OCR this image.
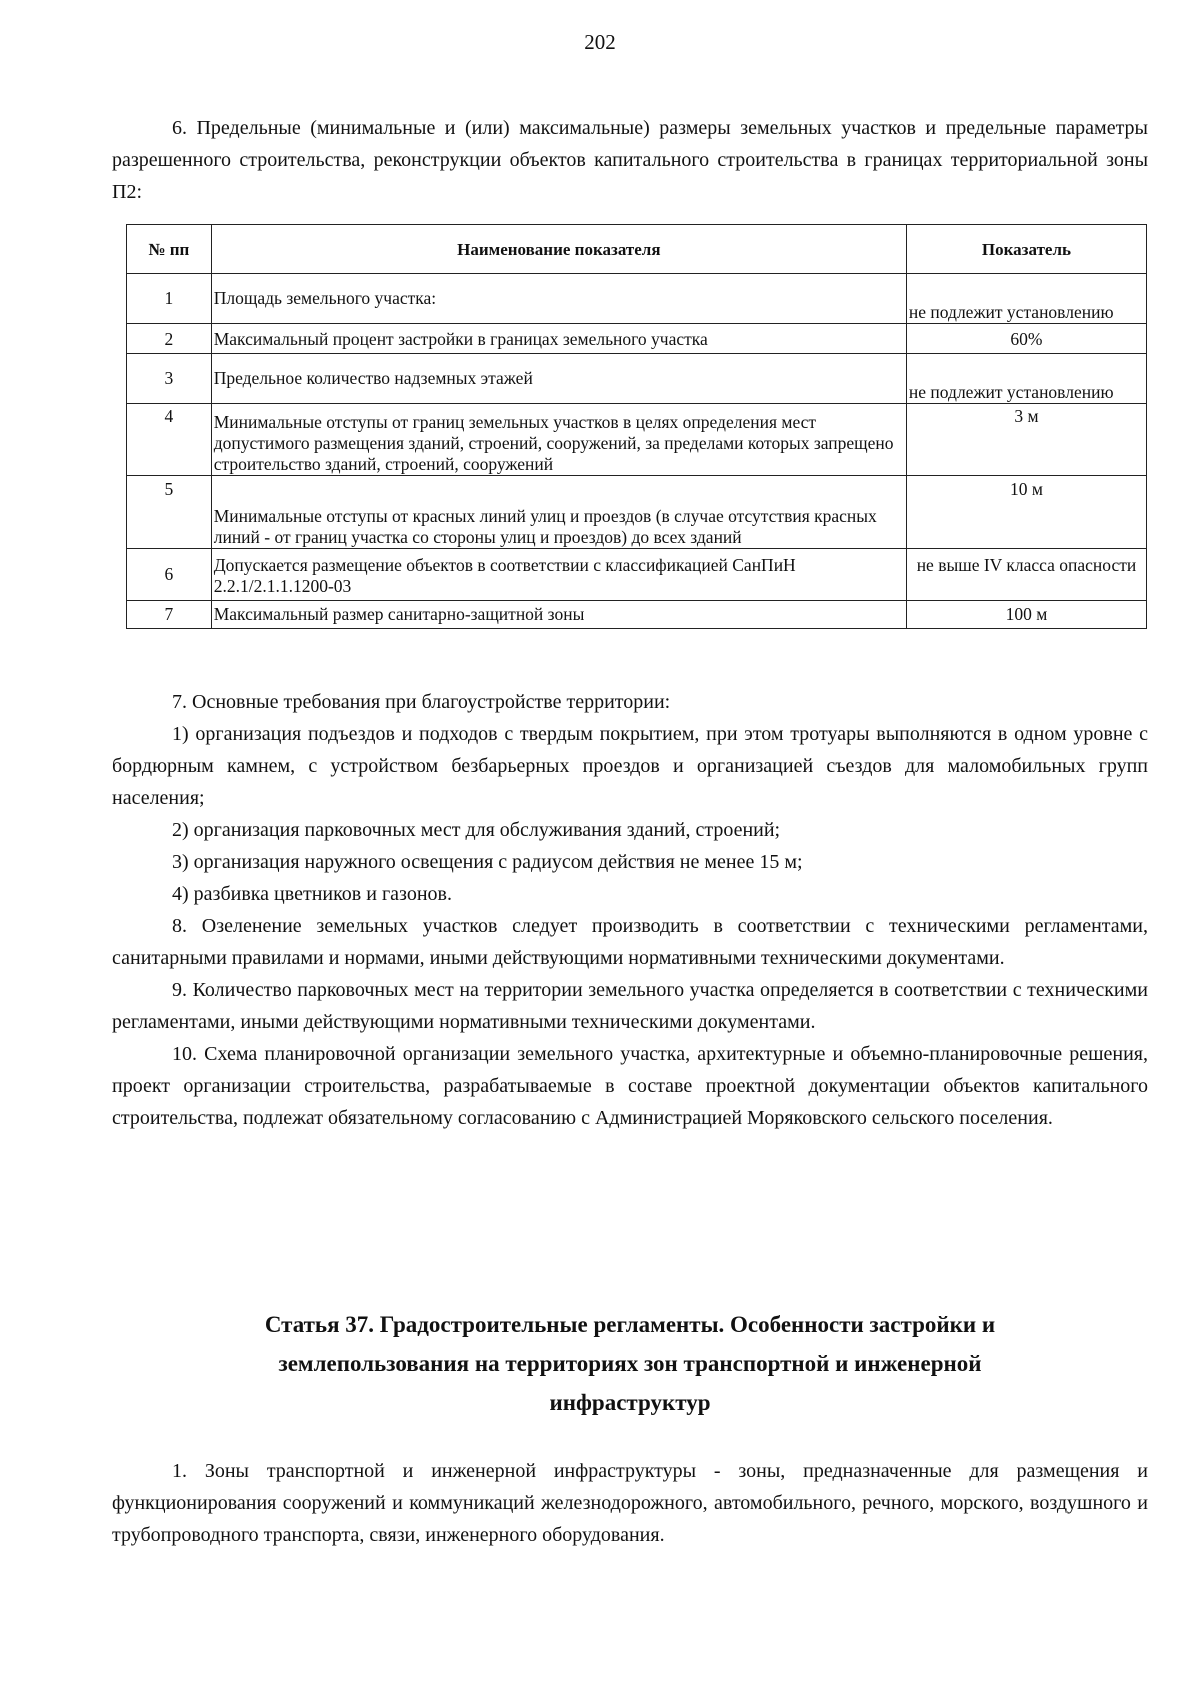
202

6. Предельные (минимальные и (или) максимальные) размеры земельных участков и предельные параметры разрешенного строительства, реконструкции объектов капитального строительства в границах территориальной зоны П2:

№ пп	Наименование показателя	Показатель
1	Площадь земельного участка:	не подлежит установлению
2	Максимальный процент застройки в границах земельного участка	60%
3	Предельное количество надземных этажей	не подлежит установлению
4	Минимальные отступы от границ земельных участков в целях определения мест допустимого размещения зданий, строений, сооружений, за пределами которых запрещено строительство зданий, строений, сооружений	3 м
5	Минимальные отступы от красных линий улиц и проездов (в случае отсутствия красных линий - от границ участка со стороны улиц и проездов) до всех зданий	10 м
6	Допускается размещение объектов в соответствии с классификацией СанПиН 2.2.1/2.1.1.1200-03	не выше IV класса опасности
7	Максимальный размер санитарно-защитной зоны	100 м

7. Основные требования при благоустройстве территории:

1) организация подъездов и подходов с твердым покрытием, при этом тротуары выполняются в одном уровне с бордюрным камнем, с устройством безбарьерных проездов и организацией съездов для маломобильных групп населения;

2) организация парковочных мест для обслуживания зданий, строений;

3) организация наружного освещения с радиусом действия не менее 15 м;

4) разбивка цветников и газонов.

8. Озеленение земельных участков следует производить в соответствии с техническими регламентами, санитарными правилами и нормами, иными действующими нормативными техническими документами.

9. Количество парковочных мест на территории земельного участка определяется в соответствии с техническими регламентами, иными действующими нормативными техническими документами.

10. Схема планировочной организации земельного участка, архитектурные и объемно-планировочные решения, проект организации строительства, разрабатываемые в составе проектной документации объектов капитального строительства, подлежат обязательному согласованию с Администрацией Моряковского сельского поселения.

Статья 37. Градостроительные регламенты. Особенности застройки и
землепользования на территориях зон транспортной и инженерной
инфраструктур

1. Зоны транспортной и инженерной инфраструктуры - зоны, предназначенные для размещения и функционирования сооружений и коммуникаций железнодорожного, автомобильного, речного, морского, воздушного и трубопроводного транспорта, связи, инженерного оборудования.
